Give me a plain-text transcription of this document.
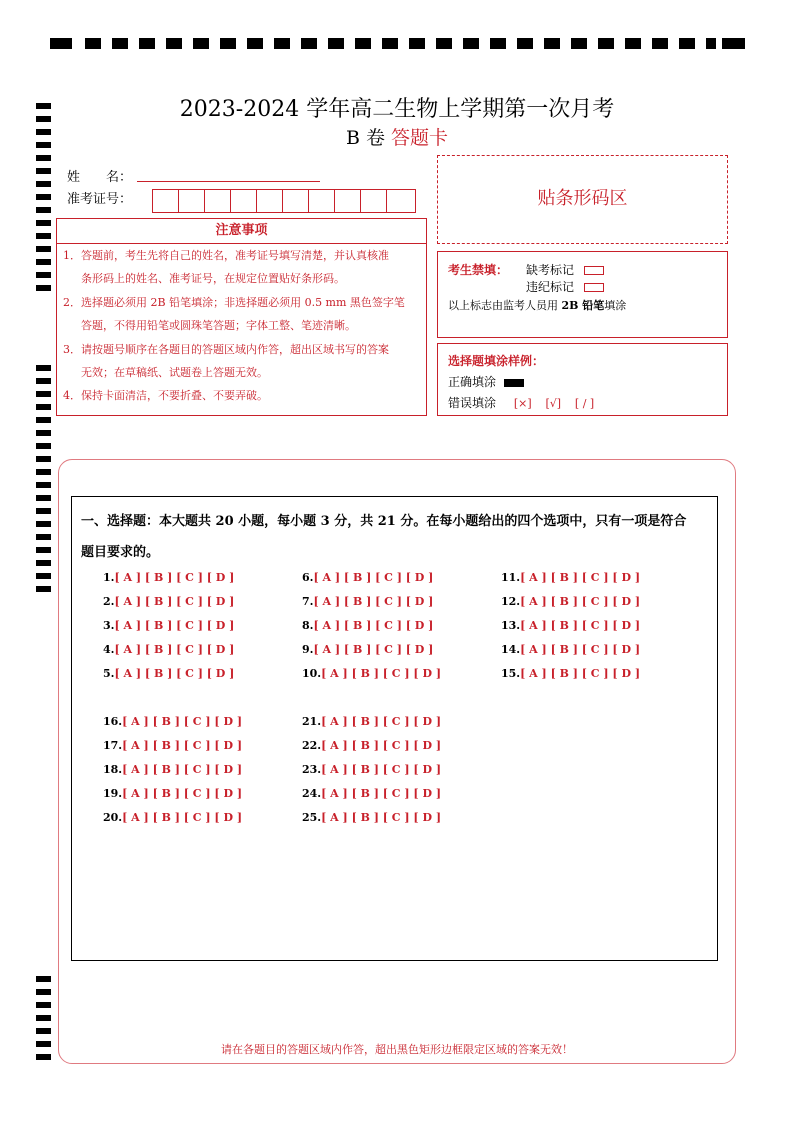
2023-2024 学年高二生物上学期第一次月考
B 卷 答题卡
姓　　名：
准考证号：
注意事项

1．答题前，考生先将自己的姓名，准考证号填写清楚，并认真核准

条形码上的姓名、准考证号，在规定位置贴好条形码。

2．选择题必须用 2B 铅笔填涂；非选择题必须用 0.5 mm 黑色签字笔

答题，不得用铅笔或圆珠笔答题；字体工整、笔迹清晰。

3．请按题号顺序在各题目的答题区域内作答，超出区域书写的答案

无效；在草稿纸、试题卷上答题无效。

4．保持卡面清洁，不要折叠、不要弄破。

贴条形码区
考生禁填： 缺考标记
违纪标记
以上标志由监考人员用 2B 铅笔填涂
选择题填涂样例：
正确填涂
错误填涂 [×] [√] [ / ]
一、选择题：本大题共 20 小题，每小题 3 分，共 21 分。在每小题给出的四个选项中，只有一项是符合
题目要求的。
1.[ A ] [ B ] [ C ] [ D ]
2.[ A ] [ B ] [ C ] [ D ]
3.[ A ] [ B ] [ C ] [ D ]
4.[ A ] [ B ] [ C ] [ D ]
5.[ A ] [ B ] [ C ] [ D ]
6.[ A ] [ B ] [ C ] [ D ]
7.[ A ] [ B ] [ C ] [ D ]
8.[ A ] [ B ] [ C ] [ D ]
9.[ A ] [ B ] [ C ] [ D ]
10.[ A ] [ B ] [ C ] [ D ]
11.[ A ] [ B ] [ C ] [ D ]
12.[ A ] [ B ] [ C ] [ D ]
13.[ A ] [ B ] [ C ] [ D ]
14.[ A ] [ B ] [ C ] [ D ]
15.[ A ] [ B ] [ C ] [ D ]
16.[ A ] [ B ] [ C ] [ D ]
17.[ A ] [ B ] [ C ] [ D ]
18.[ A ] [ B ] [ C ] [ D ]
19.[ A ] [ B ] [ C ] [ D ]
20.[ A ] [ B ] [ C ] [ D ]
21.[ A ] [ B ] [ C ] [ D ]
22.[ A ] [ B ] [ C ] [ D ]
23.[ A ] [ B ] [ C ] [ D ]
24.[ A ] [ B ] [ C ] [ D ]
25.[ A ] [ B ] [ C ] [ D ]
请在各题目的答题区域内作答，超出黑色矩形边框限定区域的答案无效！
